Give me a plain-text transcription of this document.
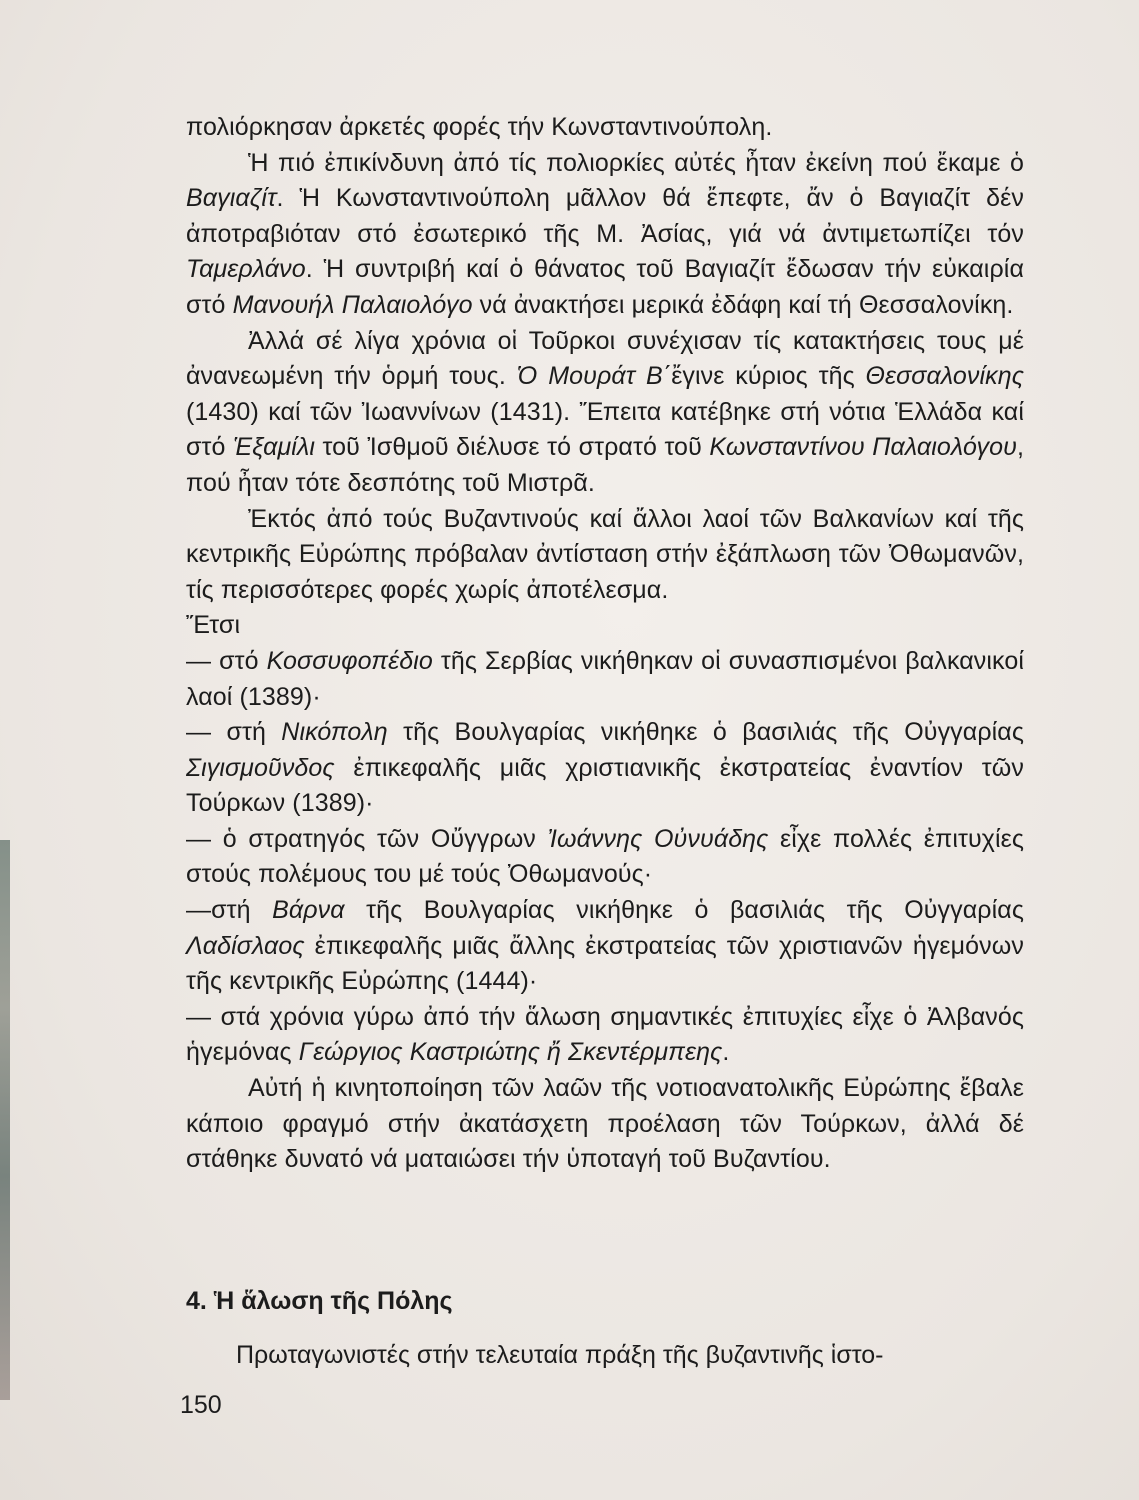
πολιόρκησαν ἀρκετές φορές τήν Κωνσταντινούπολη.

Ἡ πιό ἐπικίνδυνη ἀπό τίς πολιορκίες αὐτές ἦταν ἐκείνη πού ἔκαμε ὁ Βαγιαζίτ. Ἡ Κωνσταντινούπολη μᾶλλον θά ἔπεφτε, ἄν ὁ Βαγιαζίτ δέν ἀποτραβιόταν στό ἐσωτερικό τῆς Μ. Ἀσίας, γιά νά ἀντιμετωπίζει τόν Ταμερλάνο. Ἡ συντριβή καί ὁ θάνατος τοῦ Βαγιαζίτ ἔδωσαν τήν εὐκαιρία στό Μανουήλ Παλαιολόγο νά ἀνακτήσει μερικά ἐδάφη καί τή Θεσσαλονίκη.

Ἀλλά σέ λίγα χρόνια οἱ Τοῦρκοι συνέχισαν τίς κατακτήσεις τους μέ ἀνανεωμένη τήν ὁρμή τους. Ὁ Μουράτ Β΄ἔγινε κύριος τῆς Θεσσαλονίκης (1430) καί τῶν Ἰωαννίνων (1431). Ἔπειτα κατέβηκε στή νότια Ἑλλάδα καί στό Ἑξαμίλι τοῦ Ἰσθμοῦ διέλυσε τό στρατό τοῦ Κωνσταντίνου Παλαιολόγου, πού ἦταν τότε δεσπότης τοῦ Μιστρᾶ.

Ἐκτός ἀπό τούς Βυζαντινούς καί ἄλλοι λαοί τῶν Βαλκανίων καί τῆς κεντρικῆς Εὐρώπης πρόβαλαν ἀντίσταση στήν ἐξάπλωση τῶν Ὀθωμανῶν, τίς περισσότερες φορές χωρίς ἀποτέλεσμα.

Ἔτσι

— στό Κοσσυφοπέδιο τῆς Σερβίας νικήθηκαν οἱ συνασπισμένοι βαλκανικοί λαοί (1389)·

— στή Νικόπολη τῆς Βουλγαρίας νικήθηκε ὁ βασιλιάς τῆς Οὐγγαρίας Σιγισμοῦνδος ἐπικεφαλῆς μιᾶς χριστιανικῆς ἐκστρατείας ἐναντίον τῶν Τούρκων (1389)·

— ὁ στρατηγός τῶν Οὔγγρων Ἰωάννης Οὐνυάδης εἶχε πολλές ἐπιτυχίες στούς πολέμους του μέ τούς Ὀθωμανούς·

—στή Βάρνα τῆς Βουλγαρίας νικήθηκε ὁ βασιλιάς τῆς Οὐγγαρίας Λαδίσλαος ἐπικεφαλῆς μιᾶς ἄλλης ἐκστρατείας τῶν χριστιανῶν ἡγεμόνων τῆς κεντρικῆς Εὐρώπης (1444)·

— στά χρόνια γύρω ἀπό τήν ἅλωση σημαντικές ἐπιτυχίες εἶχε ὁ Ἀλβανός ἡγεμόνας Γεώργιος Καστριώτης ἤ Σκεντέρμπεης.

Αὐτή ἡ κινητοποίηση τῶν λαῶν τῆς νοτιοανατολικῆς Εὐρώπης ἔβαλε κάποιο φραγμό στήν ἀκατάσχετη προέλαση τῶν Τούρκων, ἀλλά δέ στάθηκε δυνατό νά ματαιώσει τήν ὑποταγή τοῦ Βυζαντίου.

4. Ἡ ἅλωση τῆς Πόλης
Πρωταγωνιστές στήν τελευταία πράξη τῆς βυζαντινῆς ἱστο-
150
